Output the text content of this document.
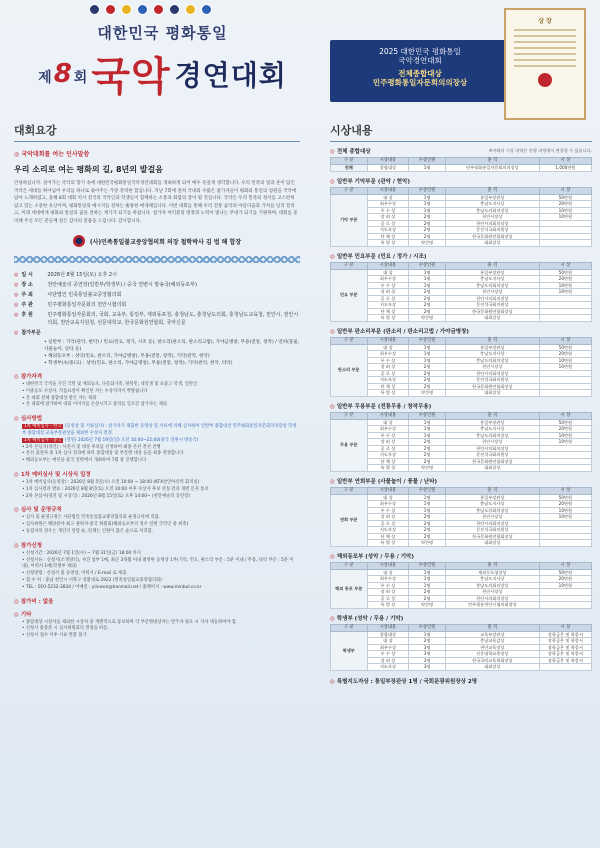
대한민국 평화통일
제8 회 국악 경연대회
2025 대한민국 평화통일
국악경연대회
전체종합대상
민주평화통일자문회의의장상
상 장
대회요강
◎ 국악대회를 여는 인사말씀
우리 소리로 여는 평화의 길, 8년의 발걸음
안녕하십니까. 깊어가는 국악의 향기 속에 대한민국평화통일국악경연대회를 개최하게 되어 매우 뜻깊게 생각합니다. 우리 민족의 얼과 혼이 담긴 국악은 세대를 뛰어넘어 우리를 하나로 묶어주는 가장 강력한 힘입니다. 지난 7회에 걸쳐 국내외 수많은 참가자들이 평화와 통일의 염원을 국악에 담아 노래하였고, 올해 8회 대회 역시 전국의 국악인과 학생들이 함께하는 소통과 화합의 장이 될 것입니다. 국악은 우리 민족의 정서를 고스란히 담고 있는 소중한 유산이며, 평화통일의 메시지를 전하는 훌륭한 매개체입니다. 이번 대회를 통해 우리 전통 음악의 아름다움과 가치를 널리 알리고, 미래 세대에게 평화와 통일의 꿈을 전하는 계기가 되기를 바랍니다. 참가자 여러분의 열정과 노력이 빛나는 무대가 되기를 기원하며, 대회를 준비해 주신 모든 분들께 깊은 감사의 말씀을 드립니다. 감사합니다.
(사)민족통일불교중앙협의회 의장 철학박사 김 법 해 합장
◎ 일 시	2026년 8월 15일(토) 오후 2시
◎ 장 소	천안예술의 공연장(일반부/학생부) / 중국 연변시 방송국(해외동포부)
◎ 주 최	사단법인 민족통일불교중앙협의회
◎ 주 관	민주평화통일자문회의 천안시협의회
◎ 후 원	민주평화통일자문회의, 국회, 교육부, 통일부, 재외동포청, 충청남도, 충청남도의회, 충청남도교육청, 천안시, 천안시의회, 천안교육지원청, 선문대학교, 한국문화원연합회, 국악신문
◎ 참가부문
• 일반부 : 기악(관악, 현악) / 민요(민요, 정가, 시조 등), 판소리(판소리, 판소리고법), 가야금병창, 무용(전통, 창작) / 연희(풍물, 사물놀이, 난타 등)
• 해외동포부 : 성악(민요, 판소리, 가야금병창), 무용(전통, 창작), 기악(관악, 현악)
• 학생부(초/중/고) : 성악(민요, 판소리, 가야금병창), 무용(전통, 창작), 기악(관악, 현악, 타악)
◎ 참가자격
• 대한민국 국적을 가진 국민 및 재외동포, 다문화가족, 탈북민, 대학생 및 초중고 학생, 일반인
• 이중응모 수상자, 작품표절이 확인된 자는 수상자격이 박탈됩니다
• 본 대회 전체 종합대상 받은 자는 제외
• 본 대회에 참가하여 대회 이미지를 손상시키고 물의를 일으킨 참가자는 제외
◎ 심사방법
1차 예비심사 - 한국 (동영상 및 서류심사) : 참가자가 제출한 동영상 및 서류에 의해 심사하여 일반부 종합대상 민주평화통일자문회의의장상 학생부 종합대상 교육부장관상을 제외한 수상자 결정.
1차 예비심사 - 중국 (경연) 2026년 7월 19일(일) 오전 10:00~22:00(중국 연변시 방송국)
• 2차 본심사(경연) : 사전서 및 대상 후보를 선정하여 최종 본선 결선 진행
• 본선 출전자 중 1차 심사 결과에 따라 종합대상 및 부문별 대상 등을 최종 결정합니다
• 해외동포부는 예선을 중국 연변에서 개최하여 7월 중 진행합니다
◎ 1차 예비심사 및 시상식 일정
• 1차 예비심사(동영상) : 2026년 8월 5일(수) 오전 10:00 ~ 18:00 (KTX천안아산역 회의실)
• 1차 심사결과 발표 : 2026년 8월 8일(토) 오전 10:00 이후 수상자 후보 선정 결과 개별 문자 통보
• 2차 본심사(경연 및 시상식) : 2026년 8월 15일(토) 오후 14:00~ (천안예술의 공연장)
◎ 심사 및 운영규칙
• 심사 및 운영규정은 사단법인 민족통일불교중앙협의회 운영규칙에 의함.
• 심사위원은 해당분야 최고 권위자·중국 위원회(해외동포부의 경우 연변 국악인 중 위촉)
• 동점자의 경우는 개인의 연령 순, 단체는 인원이 많은 순으로 처리함.
◎ 참가신청
• 신청기간 : 2026년 7월 1일(수) ~ 7월 31일(금) 18:00 까지
• 신청서류 : 신청서(소정양식), 사진 첨부 1매, 최근 3개월 이내 촬영한 동영상 1부(기악, 민요, 판소리 부문 : 5분 이내 / 무용, 타악 부문 : 5분 이내), 이력서 1매(학생부 제외)
• 신청방법 : 신청서 및 동영상, 이력서 / E-mail 로 제출
• 접 수 처 : 충남 천안시 서북구 성환대로 2922 (민족통일불교중앙협의회)
• TEL : 010-5232-3834 / 이메일 : yiinwon@hanmail.net / 홈페이지 : www.minbul.co.kr
◎ 참가비 : 없음
◎ 기타
• 종합대상 시상자를 제외한 시상자 중 개별적으로 통보하며 각 부문별대상자는 반주자 필요 시 지자 대동하여야 함.
• 신청서 불충분 시 심사위원회의 결정을 따름.
• 신청서 접수 이후 서류 반환 불가
시상내용
◎ 전체 종합대상	※아래의 시상 내역은 진행 과정에서 변경될 수 있습니다.
구 분	시상내용	수상인원	훈 격	시 상
전체	종합대상	1명	민주평화통일자문회의의장상	1,000만원
◎ 일반부 기악부문 (관악 / 현악)
구 분	시상내용	수상인원	훈 격	시 상
기악 부문	대 상	1명	통일부장관상	50만원
	최우수상	1명	충남도지사상	20만원
	우 수 상	1명	충남도의회의장상	10만원
	장 려 상	2명	천안시장상	10만원
	공 로 상	2명	천안시의회의장상	
	지도자상	2명	문진석국회의원상	
	단 체 상	2명	한국문화원연합회장상	
	특 별 상	약간명	대회장상	
◎ 일반부 민요부문 (민요 / 정가 / 시조)
구 분	시상내용	수상인원	훈 격	시 상
민요 부문	대 상	1명	통일부장관상	50만원
	최우수상	1명	충남도지사상	20만원
	우 수 상	1명	충남도의회의장상	10만원
	장 려 상	2명	천안시장상	10만원
	공 로 상	2명	천안시의회의장상	
	지도자상	2명	문진석국회의원상	
	단 체 상	2명	한국문화원연합회장상	
	특 별 상	약간명	대회장상	
◎ 일반부 판소리부문 (판소리 / 판소리고법 / 가야금병창)
구 분	시상내용	수상인원	훈 격	시 상
판소리 부문	대 상	1명	통일부장관상	50만원
	최우수상	1명	충남도지사상	20만원
	우 수 상	1명	충남도의회의장상	10만원
	장 려 상	2명	천안시장상	10만원
	공 로 상	2명	천안시의회의장상	
	지도자상	2명	문진석국회의원상	
	단 체 상	2명	한국문화원연합회장상	
	특 별 상	약간명	대회장상	
◎ 일반부 무용부문 (전통무용 / 창작무용)
구 분	시상내용	수상인원	훈 격	시 상
무용 부문	대 상	1명	통일부장관상	50만원
	최우수상	1명	충남도지사상	20만원
	우 수 상	1명	충남도의회의장상	10만원
	장 려 상	2명	천안시장상	10만원
	공 로 상	2명	천안시의회의장상	
	지도자상	2명	문진석국회의원상	
	단 체 상	2명	한국문화원연합회장상	
	특 별 상	약간명	대회장상	
◎ 일반부 연희부문 (사물놀이 / 풍물 / 난타)
구 분	시상내용	수상인원	훈 격	시 상
연희 부문	대 상	1명	통일부장관상	50만원
	최우수상	1명	충남도지사상	20만원
	우 수 상	1명	충남도의회의장상	10만원
	장 려 상	2명	천안시장상	10만원
	공 로 상	2명	천안시의회의장상	
	지도자상	2명	문진석국회의원상	
	단 체 상	2명	한국문화원연합회장상	
	특 별 상	약간명	대회장상	
◎ 해외동포부 (성악 / 무용 / 기악)
구 분	시상내용	수상인원	훈 격	시 상
해외 동포 부문	대 상	1명	재외동포청장상	50만원
	최우수상	1명	충남도지사상	20만원
	우 수 상	1명	충남도의회의장상	10만원
	장 려 상	2명	천안시장상	
	공 로 상	2명	천안시의회의장상	
	특 별 상	약간명	민주평통천안시협의회장상	
◎ 학생부 (성악 / 무용 / 기악)
구 분	시상내용	수상인원	훈 격	시 상
학생부	종합대상	1명	교육부장관상	장학금은 및 학종서
	대 상	2명	충남교육감상	장학금은 및 학종서
	최우수상	3명	천안교육장상	장학금은 및 학종서
	우 수 상	3명	선문대학교총장상	장학금은 및 학종서
	장 려 상	3명	한국국악교육학회장상	장학금은 및 학종서
	지도자상	3명	대회장상	
◎ 특별지도자상 : 통일부장관상 1명 / 국회문광위원장상 2명
